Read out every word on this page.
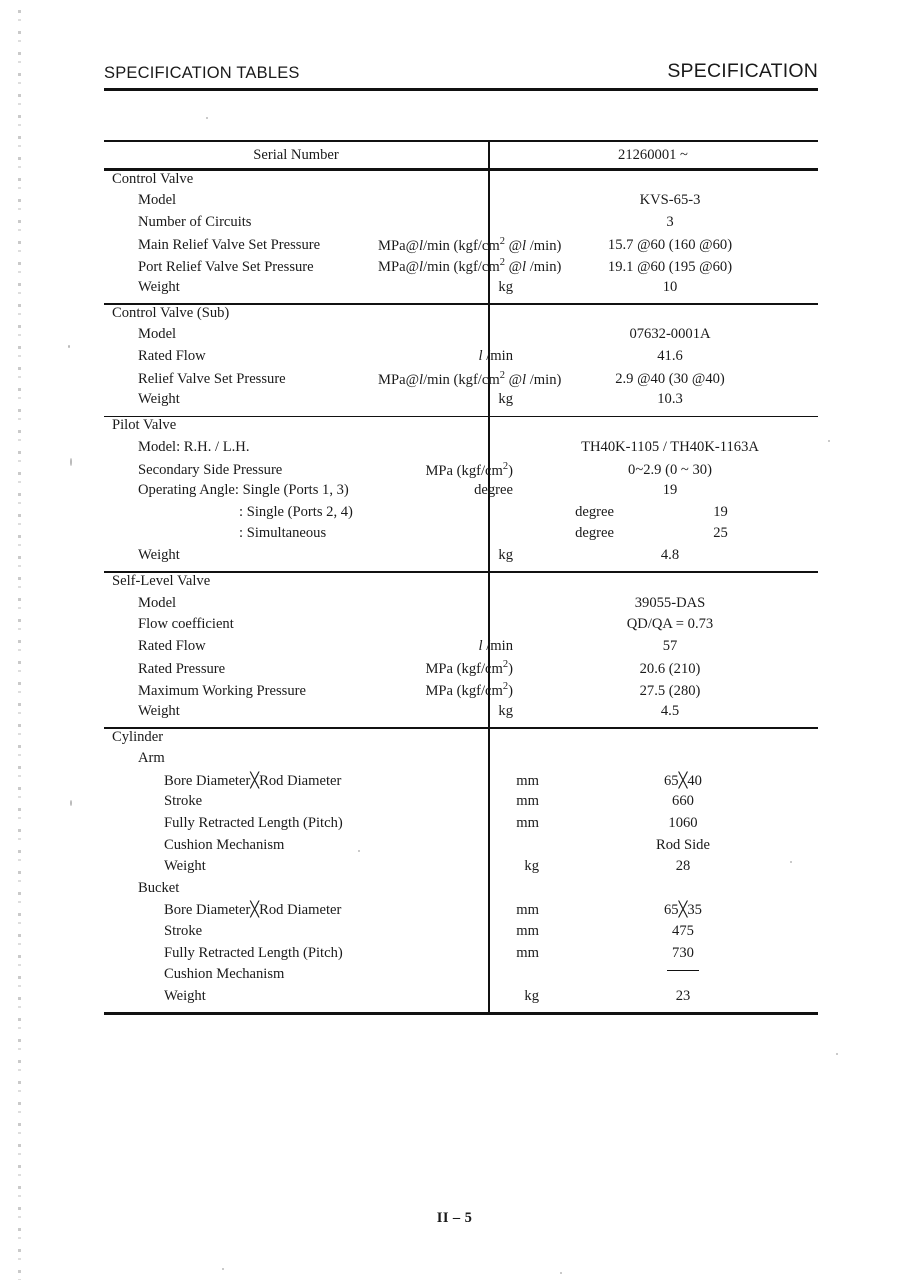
SPECIFICATION TABLES	SPECIFICATION
Serial Number	21260001 ~
Control Valve
Model	KVS-65-3
Number of Circuits	3
Main Relief Valve Set Pressure	MPa@l/min ($kgf/cm^2$ @l /min)	15.7 @60 (160 @60)
Port Relief Valve Set Pressure	MPa@l/min ($kgf/cm^2$ @l /min)	19.1 @60 (195 @60)
Weight	kg	10
Control Valve (Sub)
Model	07632-0001A
Rated Flow	l /min	41.6
Relief Valve Set Pressure	MPa@l/min ($kgf/cm^2$ @l /min)	2.9 @40 (30 @40)
Weight	kg	10.3
Pilot Valve
Model: R.H. / L.H.	TH40K-1105 / TH40K-1163A
Secondary Side Pressure	MPa $(kgf/cm^2)$	0~2.9 (0 ~ 30)
Operating Angle: Single (Ports 1, 3)	degree	19
: Single (Ports 2, 4)	degree	19
: Simultaneous	degree	25
Weight	kg	4.8
Self-Level Valve
Model	39055-DAS
Flow coefficient	QD/QA = 0.73
Rated Flow	l /min	57
Rated Pressure	MPa $(kgf/cm^2)$	20.6 (210)
Maximum Working Pressure	MPa $(kgf/cm^2)$	27.5 (280)
Weight	kg	4.5
Cylinder
Arm
Bore Diameter╳Rod Diameter	mm	65╳40
Stroke	mm	660
Fully Retracted Length (Pitch)	mm	1060
Cushion Mechanism	Rod Side
Weight	kg	28
Bucket
Bore Diameter╳Rod Diameter	mm	65╳35
Stroke	mm	475
Fully Retracted Length (Pitch)	mm	730
Cushion Mechanism
Weight	kg	23
II – 5
